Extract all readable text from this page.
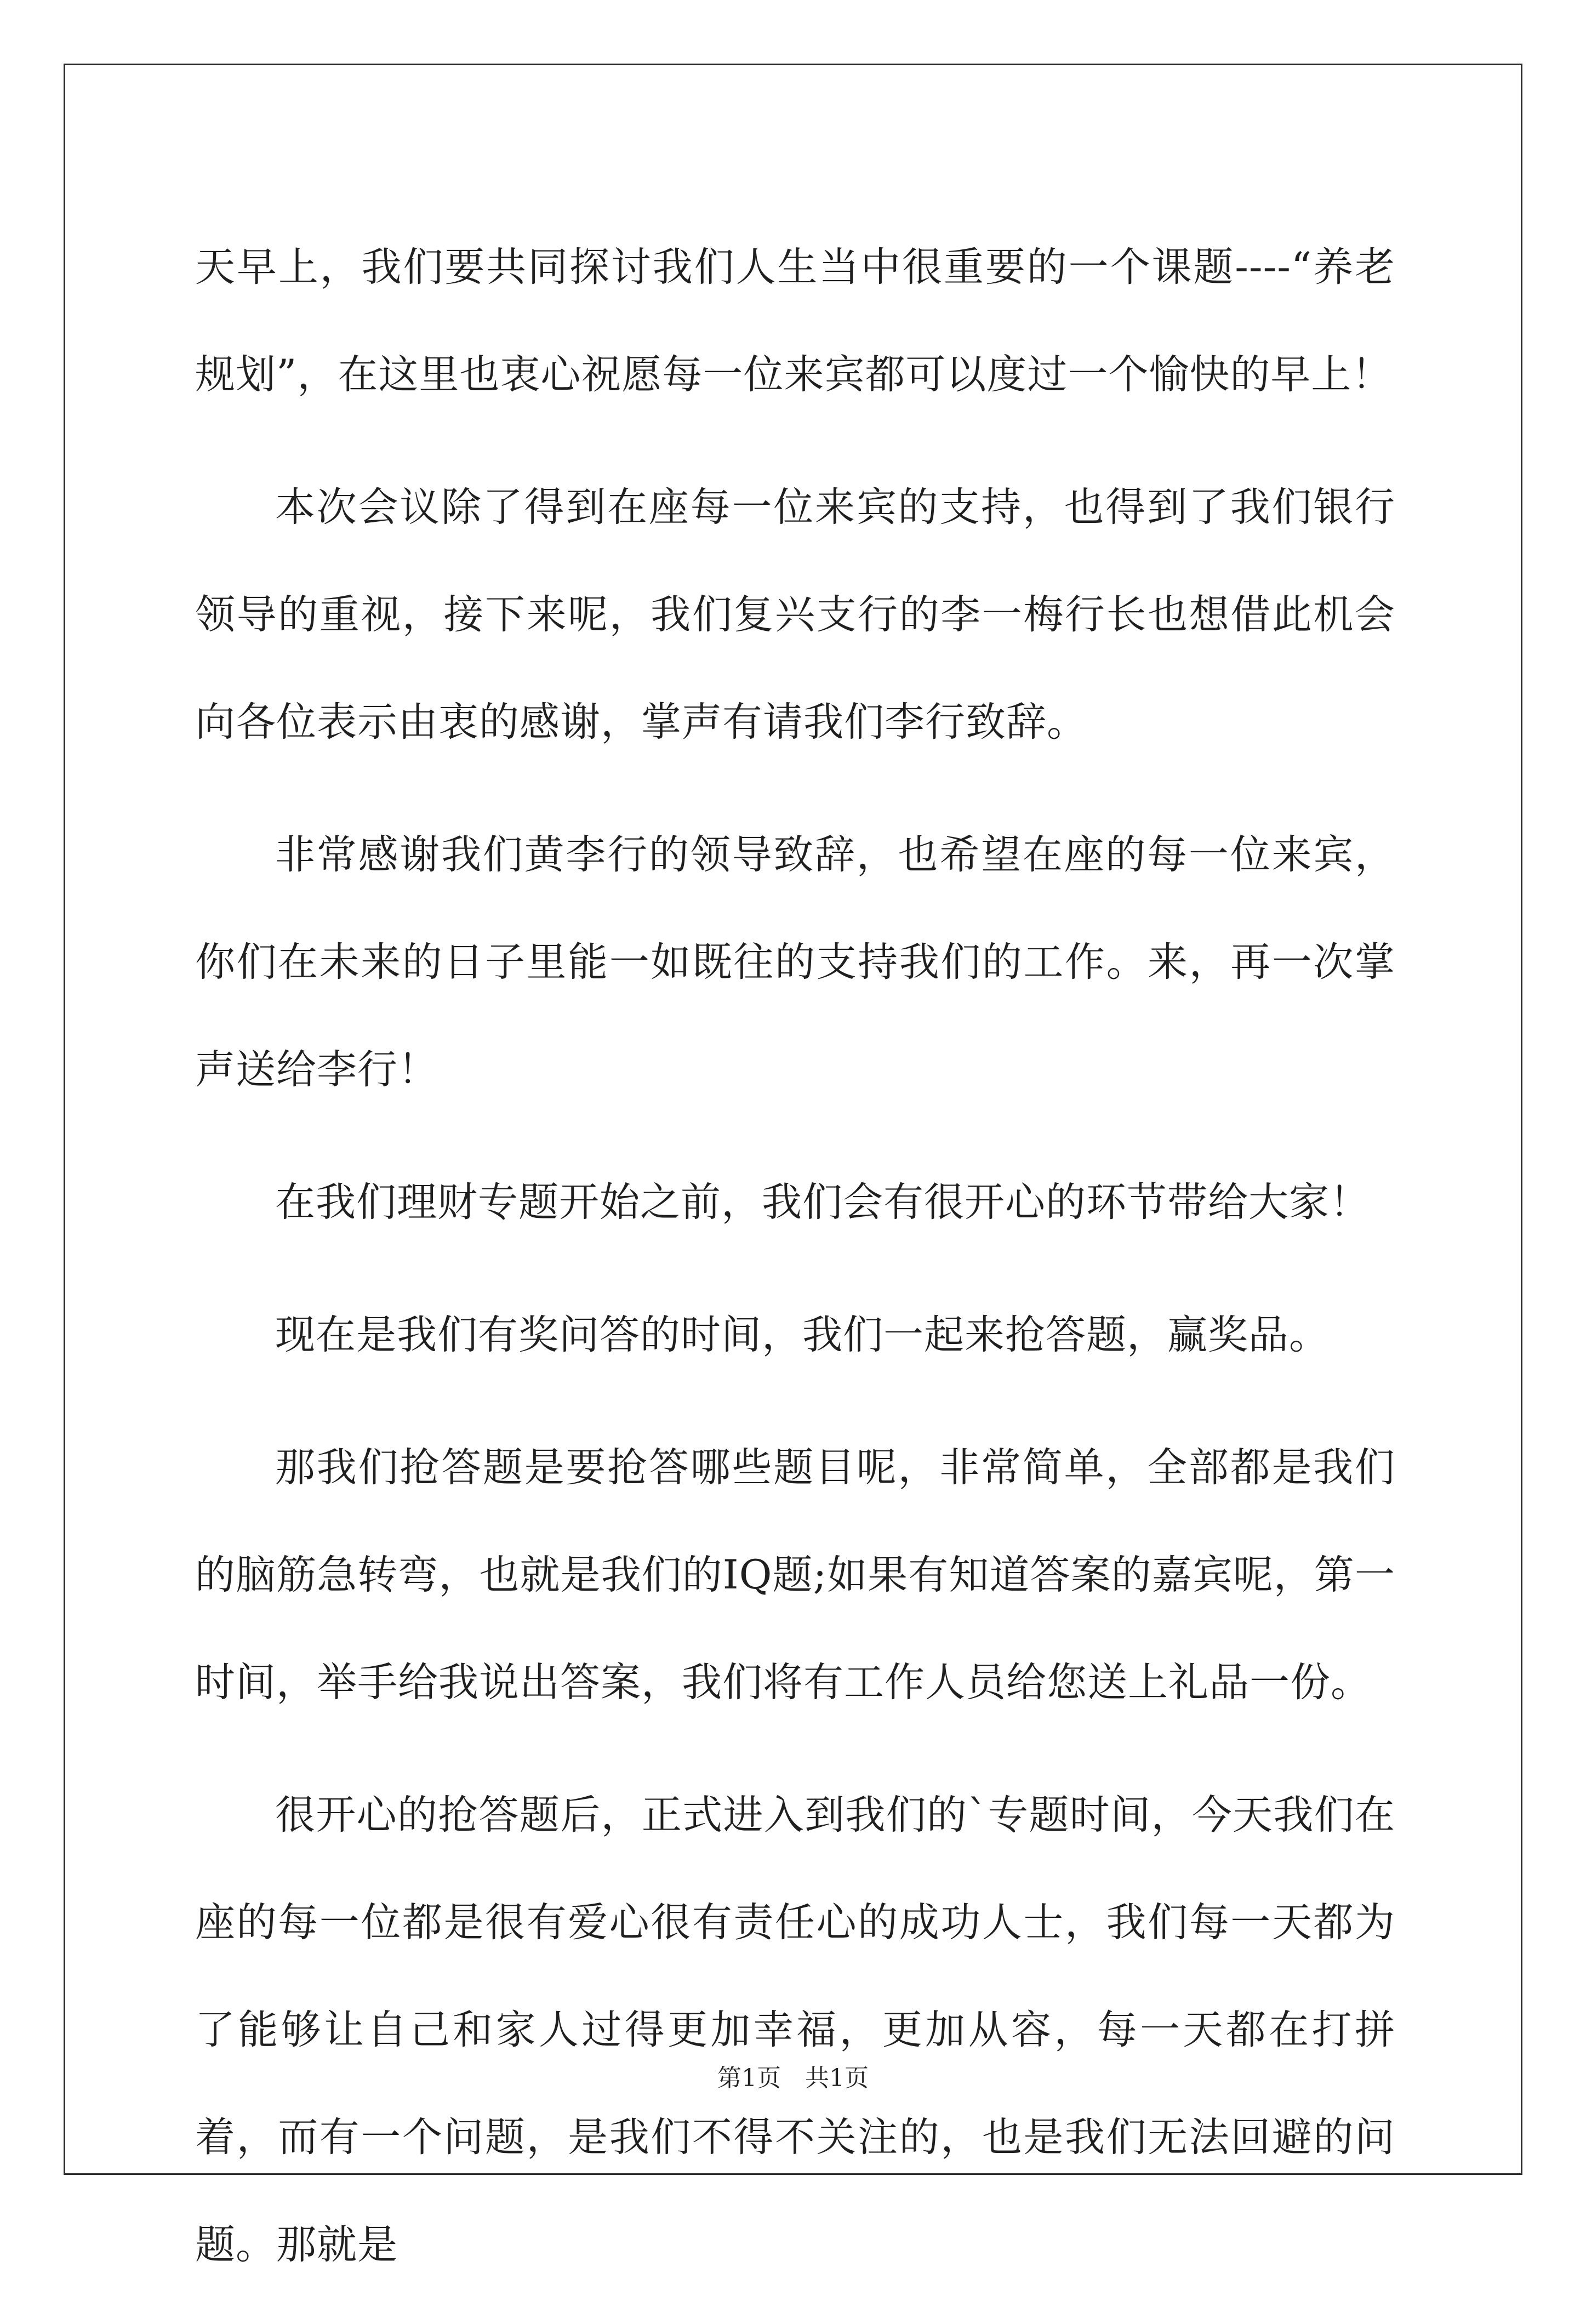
天早上，我们要共同探讨我们人生当中很重要的一个课题----“养老规划”，在这里也衷心祝愿每一位来宾都可以度过一个愉快的早上！

本次会议除了得到在座每一位来宾的支持，也得到了我们银行领导的重视，接下来呢，我们复兴支行的李一梅行长也想借此机会向各位表示由衷的感谢，掌声有请我们李行致辞。

非常感谢我们黄李行的领导致辞，也希望在座的每一位来宾，你们在未来的日子里能一如既往的支持我们的工作。来，再一次掌声送给李行！

在我们理财专题开始之前，我们会有很开心的环节带给大家！

现在是我们有奖问答的时间，我们一起来抢答题，赢奖品。

那我们抢答题是要抢答哪些题目呢，非常简单，全部都是我们的脑筋急转弯，也就是我们的IQ题;如果有知道答案的嘉宾呢，第一时间，举手给我说出答案，我们将有工作人员给您送上礼品一份。

很开心的抢答题后，正式进入到我们的`专题时间，今天我们在座的每一位都是很有爱心很有责任心的成功人士，我们每一天都为了能够让自己和家人过得更加幸福，更加从容，每一天都在打拼着，而有一个问题，是我们不得不关注的，也是我们无法回避的问题。那就是

第1页　共1页
